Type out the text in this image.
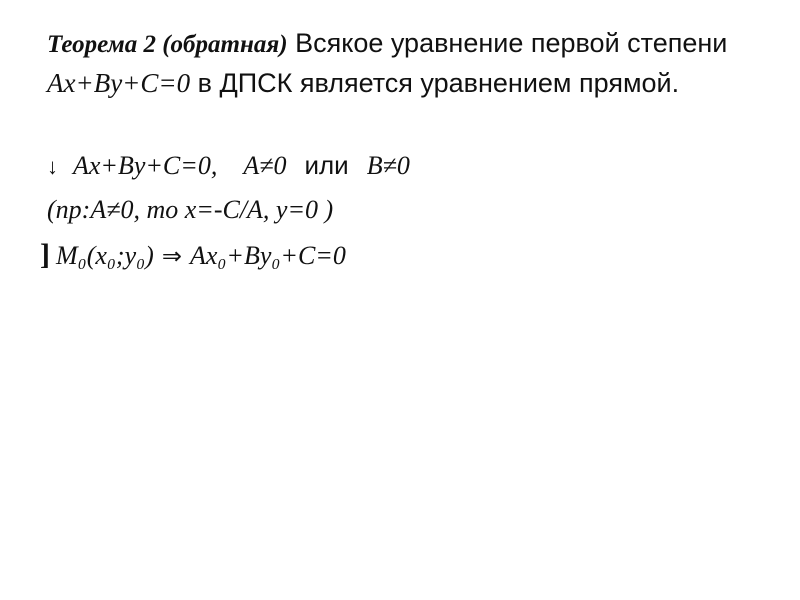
Теорема 2 (обратная) Всякое уравнение первой степени Ax+By+C=0 в ДПСК является уравнением прямой.

↓ Ax+By+C=0, A≠0 или B≠0
(пр:A≠0, то x=-C/A, y=0 )
] M₀(x₀;y₀) ⇒ Ax₀+By₀+C=0
